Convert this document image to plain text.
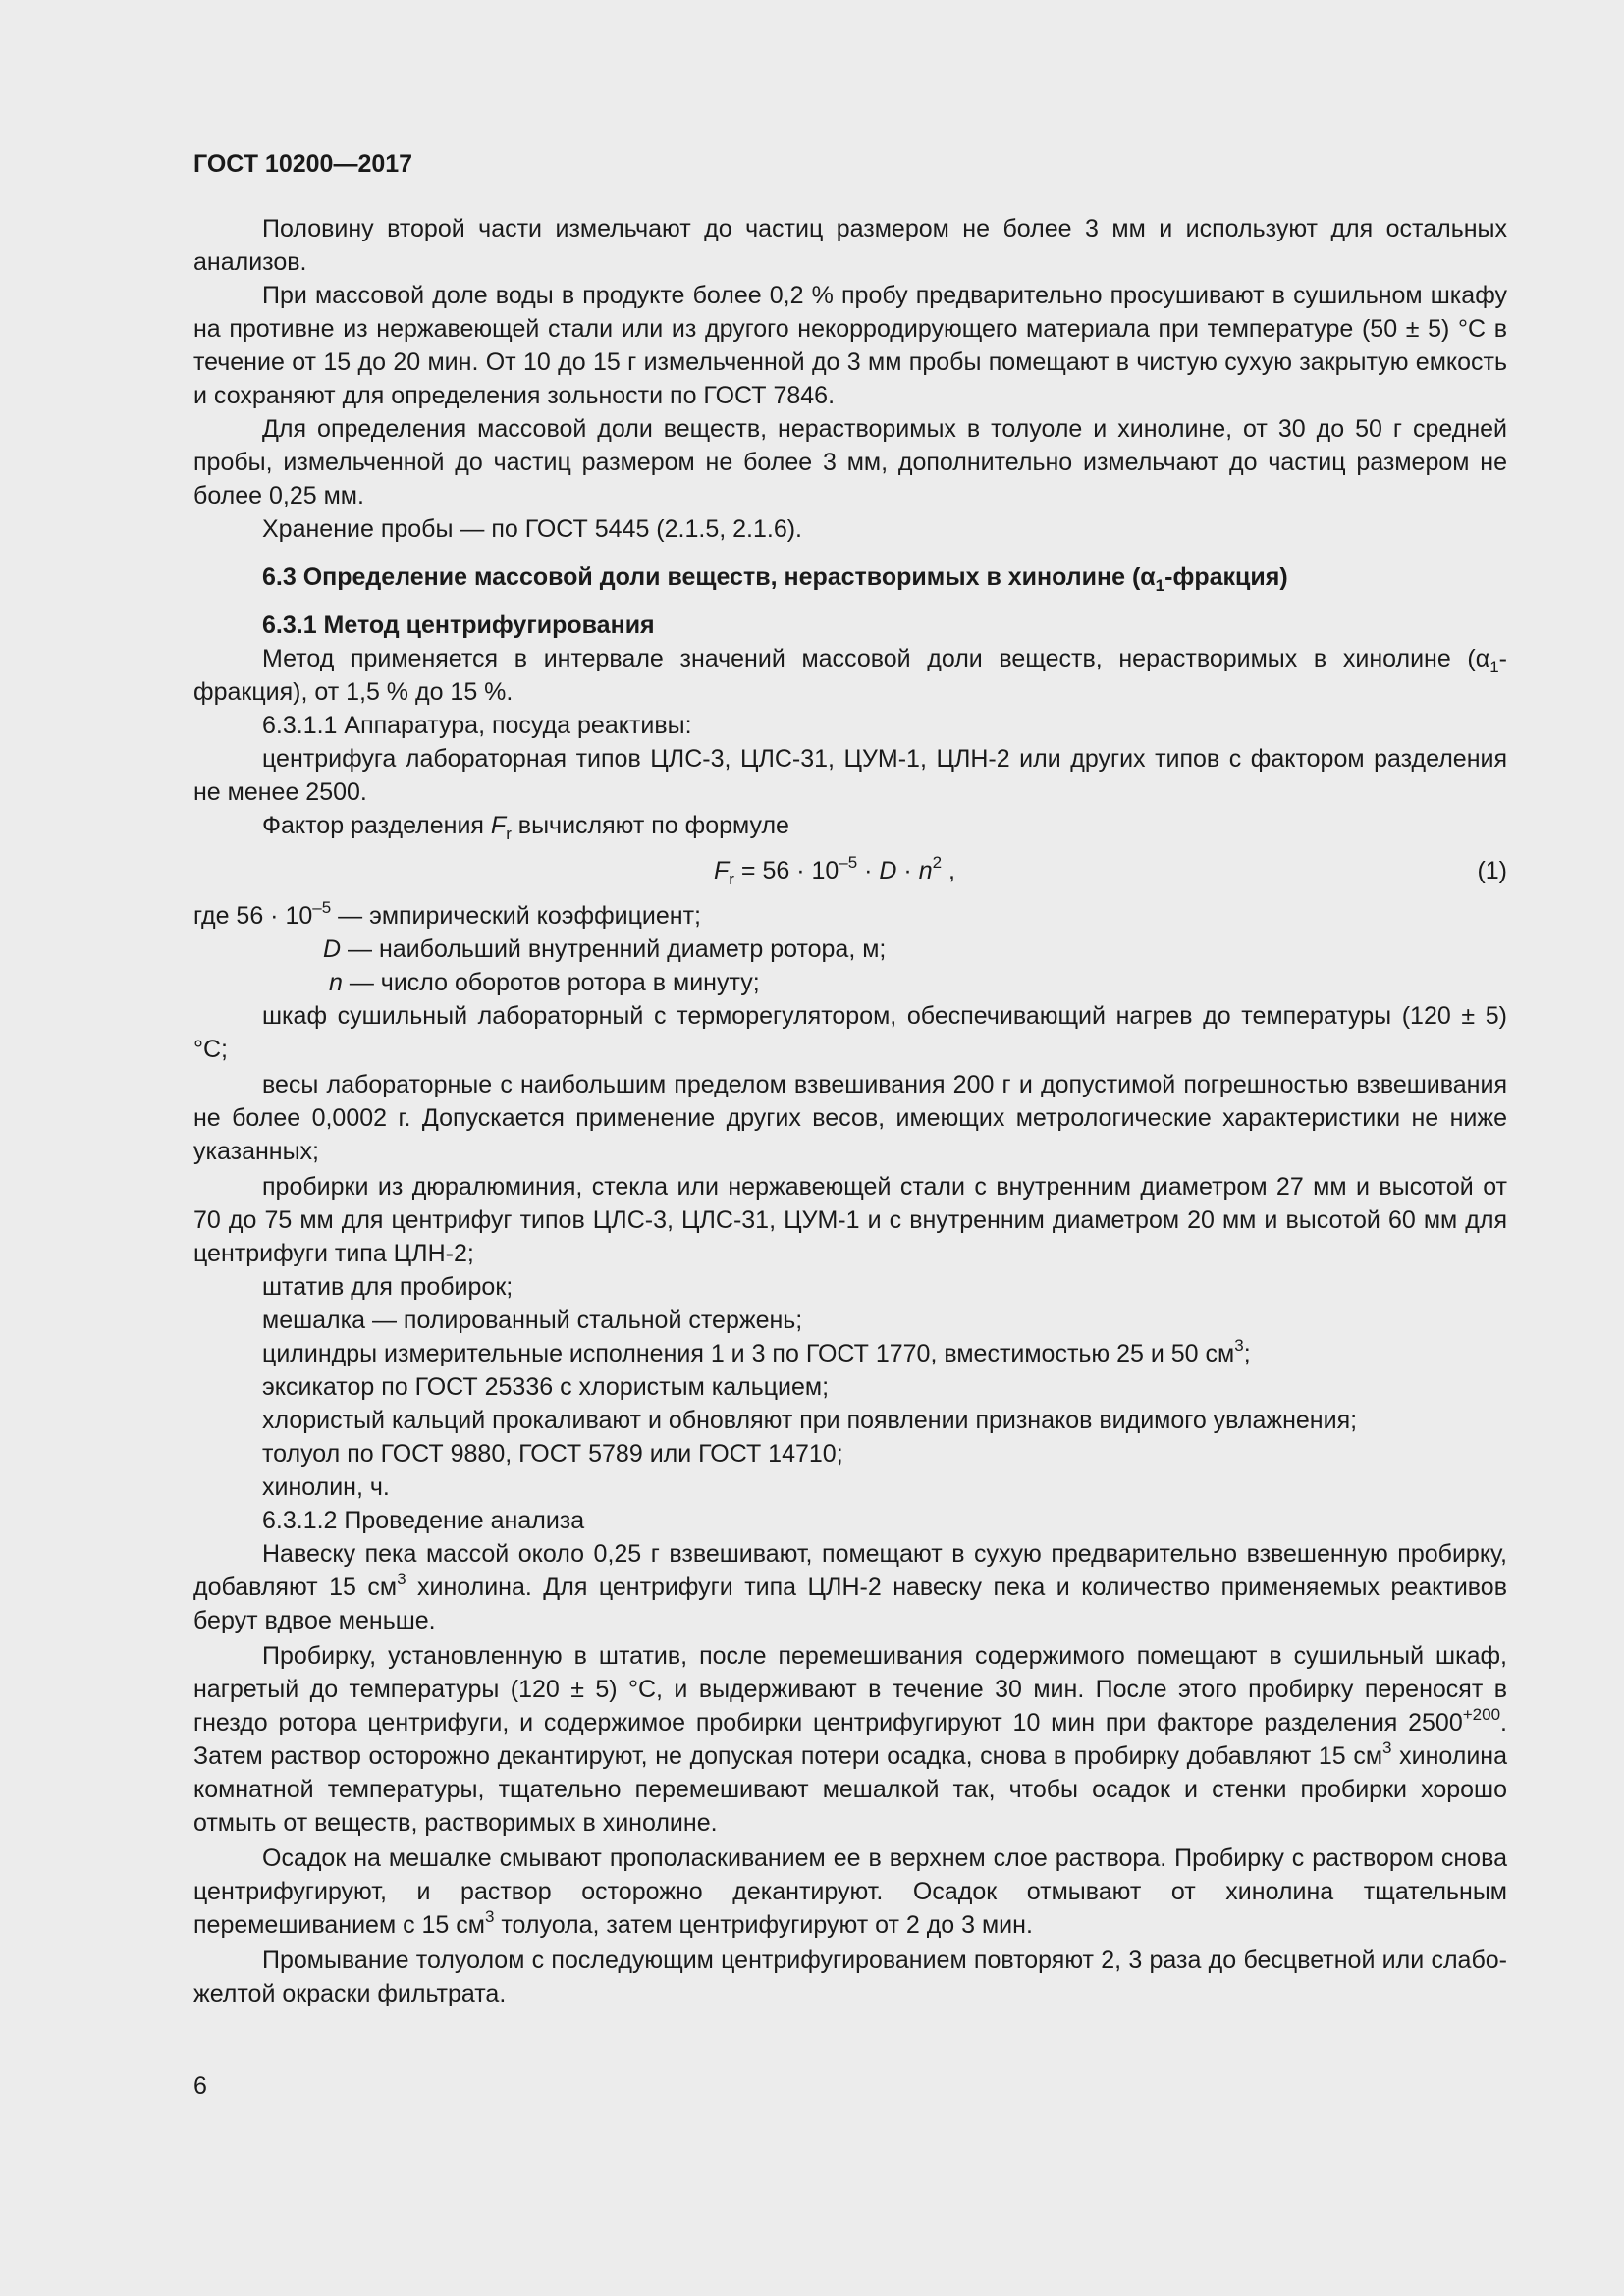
ГОСТ 10200—2017

Половину второй части измельчают до частиц размером не более 3 мм и используют для остальных анализов.

При массовой доле воды в продукте более 0,2 % пробу предварительно просушивают в сушильном шкафу на противне из нержавеющей стали или из другого некорродирующего материала при температуре (50 ± 5) °С в течение от 15 до 20 мин. От 10 до 15 г измельченной до 3 мм пробы помещают в чистую сухую закрытую емкость и сохраняют для определения зольности по ГОСТ 7846.

Для определения массовой доли веществ, нерастворимых в толуоле и хинолине, от 30 до 50 г средней пробы, измельченной до частиц размером не более 3 мм, дополнительно измельчают до частиц размером не более 0,25 мм.

Хранение пробы — по ГОСТ 5445 (2.1.5, 2.1.6).

6.3 Определение массовой доли веществ, нерастворимых в хинолине $(\alpha_1-фракция)$

6.3.1 Метод центрифугирования

Метод применяется в интервале значений массовой доли веществ, нерастворимых в хинолине $(\alpha_1-фракция)$, от 1,5 % до 15 %.

6.3.1.1 Аппаратура, посуда реактивы:

центрифуга лабораторная типов ЦЛС-3, ЦЛС-31, ЦУМ-1, ЦЛН-2 или других типов с фактором разделения не менее 2500.

Фактор разделения $F_r$ вычисляют по формуле

$F_r = 56 \cdot 10^{-5} \cdot D \cdot n^2$ ,	(1)

где $56 \cdot 10^{-5}$ — эмпирический коэффициент;

D — наибольший внутренний диаметр ротора, м;

n — число оборотов ротора в минуту;

шкаф сушильный лабораторный с терморегулятором, обеспечивающий нагрев до температуры (120 ± 5) °С;

весы лабораторные с наибольшим пределом взвешивания 200 г и допустимой погрешностью взвешивания не более 0,0002 г. Допускается применение других весов, имеющих метрологические характеристики не ниже указанных;

пробирки из дюралюминия, стекла или нержавеющей стали с внутренним диаметром 27 мм и высотой от 70 до 75 мм для центрифуг типов ЦЛС-3, ЦЛС-31, ЦУМ-1 и с внутренним диаметром 20 мм и высотой 60 мм для центрифуги типа ЦЛН-2;

штатив для пробирок;

мешалка — полированный стальной стержень;

цилиндры измерительные исполнения 1 и 3 по ГОСТ 1770, вместимостью 25 и 50 $см^3$;

эксикатор по ГОСТ 25336 с хлористым кальцием;

хлористый кальций прокаливают и обновляют при появлении признаков видимого увлажнения;

толуол по ГОСТ 9880, ГОСТ 5789 или ГОСТ 14710;

хинолин, ч.

6.3.1.2 Проведение анализа

Навеску пека массой около 0,25 г взвешивают, помещают в сухую предварительно взвешенную пробирку, добавляют 15 $см^3$ хинолина. Для центрифуги типа ЦЛН-2 навеску пека и количество применяемых реактивов берут вдвое меньше.

Пробирку, установленную в штатив, после перемешивания содержимого помещают в сушильный шкаф, нагретый до температуры (120 ± 5) °С, и выдерживают в течение 30 мин. После этого пробирку переносят в гнездо ротора центрифуги, и содержимое пробирки центрифугируют 10 мин при факторе разделения $2500^{+200}$. Затем раствор осторожно декантируют, не допуская потери осадка, снова в пробирку добавляют 15 $см^3$ хинолина комнатной температуры, тщательно перемешивают мешалкой так, чтобы осадок и стенки пробирки хорошо отмыть от веществ, растворимых в хинолине.

Осадок на мешалке смывают прополаскиванием ее в верхнем слое раствора. Пробирку с раствором снова центрифугируют, и раствор осторожно декантируют. Осадок отмывают от хинолина тщательным перемешиванием с 15 $см^3$ толуола, затем центрифугируют от 2 до 3 мин.

Промывание толуолом с последующим центрифугированием повторяют 2, 3 раза до бесцветной или слабо-желтой окраски фильтрата.

6
